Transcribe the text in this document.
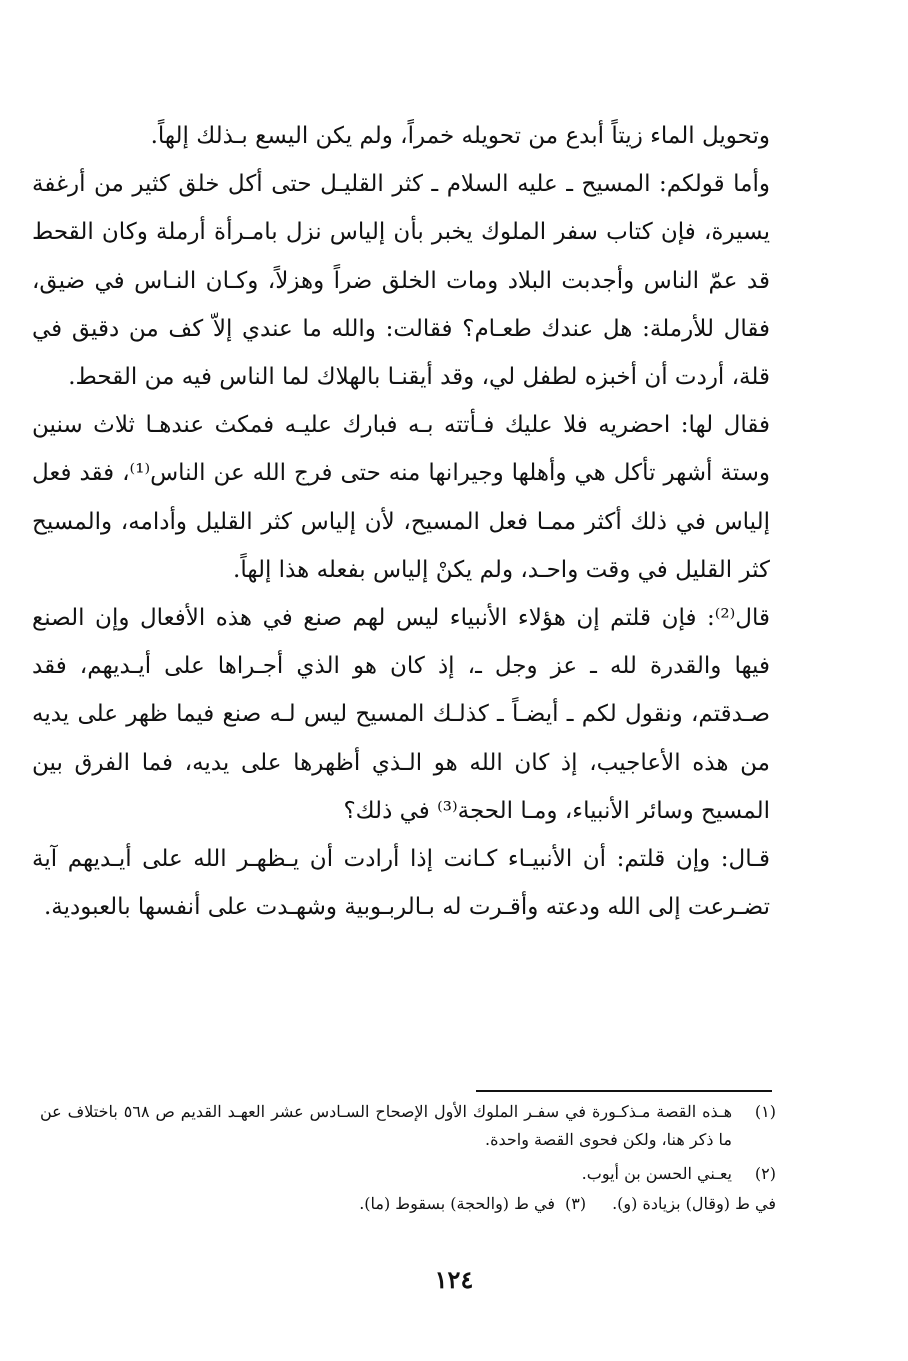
وتحويل الماء زيتاً أبدع من تحويله خمراً، ولم يكن اليسع بـذلك إلهاً.

وأما قولكم: المسيح ـ عليه السلام ـ كثر القليـل حتى أكل خلق كثير من أرغفة يسيرة، فإن كتاب سفر الملوك يخبر بأن إلياس نزل بامـرأة أرملة وكان القحط قد عمّ الناس وأجدبت البلاد ومات الخلق ضراً وهزلاً، وكـان النـاس في ضيق، فقال للأرملة: هل عندك طعـام؟ فقالت: والله ما عندي إلاّ كف من دقيق في قلة، أردت أن أخبزه لطفل لي، وقد أيقنـا بالهلاك لما الناس فيه من القحط.

فقال لها: احضريه فلا عليك فـأتته بـه فبارك عليـه فمكث عندهـا ثلاث سنين وستة أشهر تأكل هي وأهلها وجيرانها منه حتى فرج الله عن الناس⁽¹⁾، فقد فعل إلياس في ذلك أكثر ممـا فعل المسيح، لأن إلياس كثر القليل وأدامه، والمسيح كثر القليل في وقت واحـد، ولم يكنْ إلياس بفعله هذا إلهاً.

قال⁽²⁾: فإن قلتم إن هؤلاء الأنبياء ليس لهم صنع في هذه الأفعال وإن الصنع فيها والقدرة لله ـ عز وجل ـ، إذ كان هو الذي أجـراها على أيـديهم، فقد صـدقتم، ونقول لكم ـ أيضـاً ـ كذلـك المسيح ليس لـه صنع فيما ظهر على يديه من هذه الأعاجيب، إذ كان الله هو الـذي أظهرها على يديه، فما الفرق بين المسيح وسائر الأنبياء، ومـا الحجة⁽³⁾ في ذلك؟

قـال: وإن قلتم: أن الأنبيـاء كـانت إذا أرادت أن يـظهـر الله على أيـديهم آية تضـرعت إلى الله ودعته وأقـرت له بـالربـوبية وشهـدت على أنفسها بالعبودية.

(١)
هـذه القصة مـذكـورة في سفـر الملوك الأول الإصحاح السـادس عشر العهـد القديم ص ٥٦٨ باختلاف عن ما ذكر هنا، ولكن فحوى القصة واحدة.
(٢)
يعـني الحسن بن أيوب.
في ط (وقال) بزيادة (و).
(٣)
في ط (والحجة) بسقوط (ما).
١٢٤
